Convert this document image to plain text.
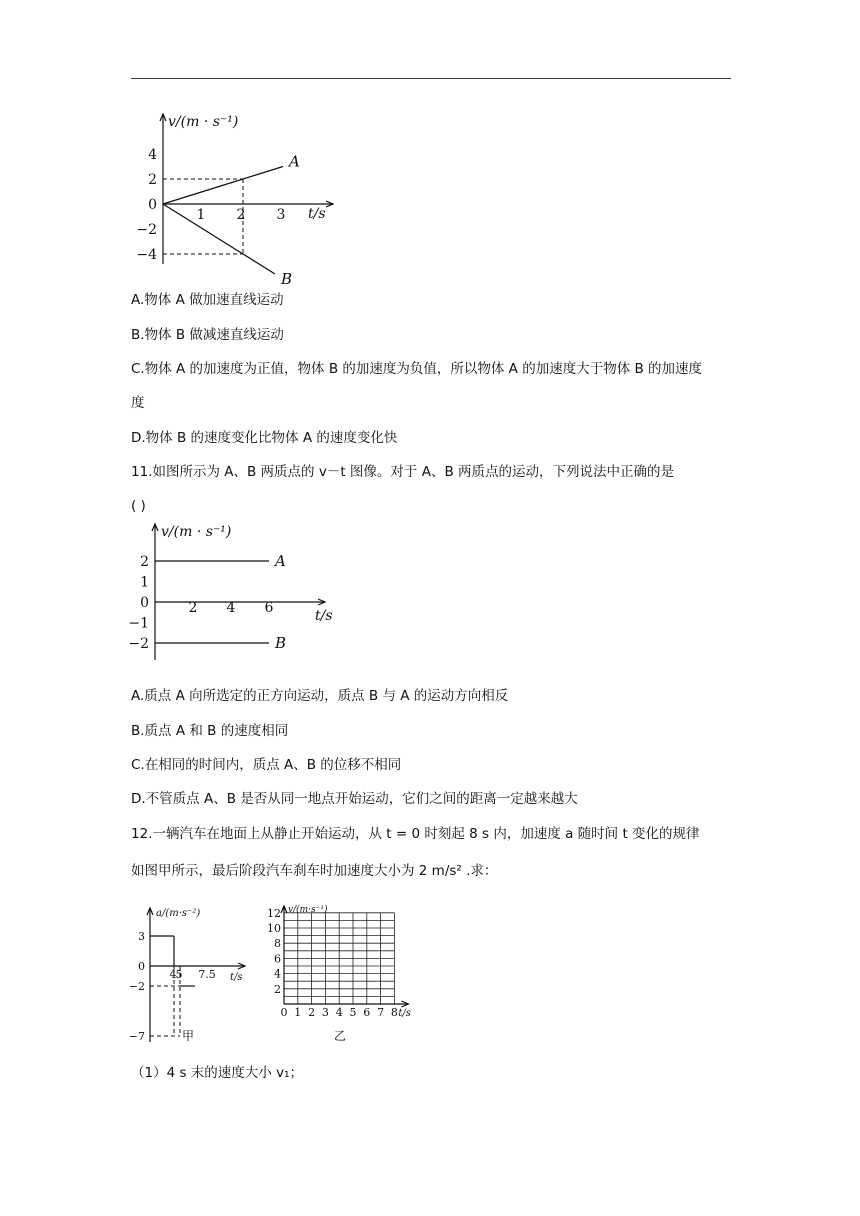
v/(m · s⁻¹)
t/s
4
2
0
−2
−4
1 2 3
A
B
A.物体 A 做加速直线运动
B.物体 B 做减速直线运动
C.物体 A 的加速度为正值，物体 B 的加速度为负值，所以物体 A 的加速度大于物体 B 的加速度
度
D.物体 B 的速度变化比物体 A 的速度变化快
11.如图所示为 A、B 两质点的 v－t 图像。对于 A、B 两质点的运动，下列说法中正确的是
( )
v/(m · s⁻¹)
t/s
2
1
0
−1
−2
2 4 6
A
B
A.质点 A 向所选定的正方向运动，质点 B 与 A 的运动方向相反
B.质点 A 和 B 的速度相同
C.在相同的时间内，质点 A、B 的位移不相同
D.不管质点 A、B 是否从同一地点开始运动，它们之间的距离一定越来越大
12.一辆汽车在地面上从静止开始运动，从 t = 0 时刻起 8 s 内，加速度 a 随时间 t 变化的规律
如图甲所示，最后阶段汽车刹车时加速度大小为 2 m/s² .求：
a/(m·s⁻²)
t/s
3
0
−2
−7
4 5 7.5
甲
v/(m·s⁻¹)
t/s
12
10
8
6
4
2
0 1 2 3 4 5 6 7 8
乙
（1）4 s 末的速度大小 v₁；
